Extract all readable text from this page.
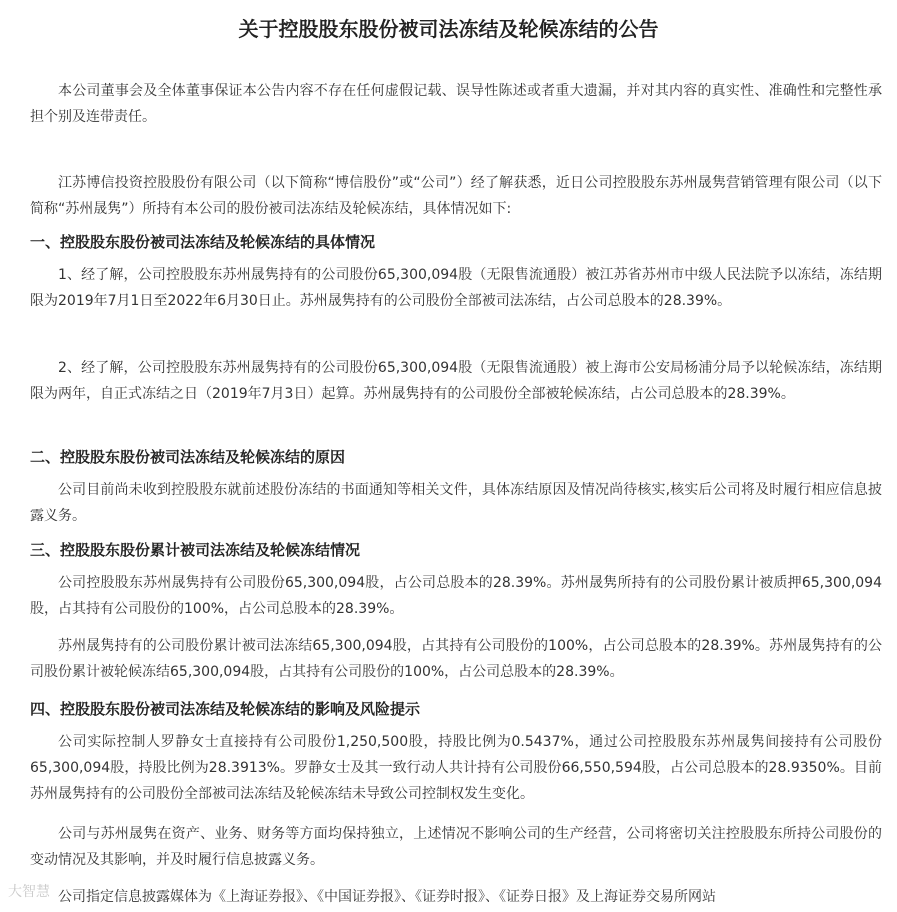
关于控股股东股份被司法冻结及轮候冻结的公告

本公司董事会及全体董事保证本公告内容不存在任何虚假记载、误导性陈述或者重大遗漏，并对其内容的真实性、准确性和完整性承担个别及连带责任。

江苏博信投资控股股份有限公司（以下简称“博信股份”或“公司”）经了解获悉，近日公司控股股东苏州晟隽营销管理有限公司（以下简称“苏州晟隽”）所持有本公司的股份被司法冻结及轮候冻结，具体情况如下:

一、控股股东股份被司法冻结及轮候冻结的具体情况

1、经了解，公司控股股东苏州晟隽持有的公司股份65,300,094股（无限售流通股）被江苏省苏州市中级人民法院予以冻结，冻结期限为2019年7月1日至2022年6月30日止。苏州晟隽持有的公司股份全部被司法冻结，占公司总股本的28.39%。

2、经了解，公司控股股东苏州晟隽持有的公司股份65,300,094股（无限售流通股）被上海市公安局杨浦分局予以轮候冻结，冻结期限为两年，自正式冻结之日（2019年7月3日）起算。苏州晟隽持有的公司股份全部被轮候冻结，占公司总股本的28.39%。

二、控股股东股份被司法冻结及轮候冻结的原因

公司目前尚未收到控股股东就前述股份冻结的书面通知等相关文件，具体冻结原因及情况尚待核实,核实后公司将及时履行相应信息披露义务。

三、控股股东股份累计被司法冻结及轮候冻结情况

公司控股股东苏州晟隽持有公司股份65,300,094股，占公司总股本的28.39%。苏州晟隽所持有的公司股份累计被质押65,300,094股，占其持有公司股份的100%，占公司总股本的28.39%。

苏州晟隽持有的公司股份累计被司法冻结65,300,094股，占其持有公司股份的100%，占公司总股本的28.39%。苏州晟隽持有的公司股份累计被轮候冻结65,300,094股，占其持有公司股份的100%，占公司总股本的28.39%。

四、控股股东股份被司法冻结及轮候冻结的影响及风险提示

公司实际控制人罗静女士直接持有公司股份1,250,500股，持股比例为0.5437%，通过公司控股股东苏州晟隽间接持有公司股份65,300,094股，持股比例为28.3913%。罗静女士及其一致行动人共计持有公司股份66,550,594股，占公司总股本的28.9350%。目前苏州晟隽持有的公司股份全部被司法冻结及轮候冻结未导致公司控制权发生变化。

公司与苏州晟隽在资产、业务、财务等方面均保持独立，上述情况不影响公司的生产经营，公司将密切关注控股股东所持公司股份的变动情况及其影响，并及时履行信息披露义务。

公司指定信息披露媒体为《上海证券报》、《中国证券报》、《证券时报》、《证券日报》及上海证券交易所网站

大智慧
